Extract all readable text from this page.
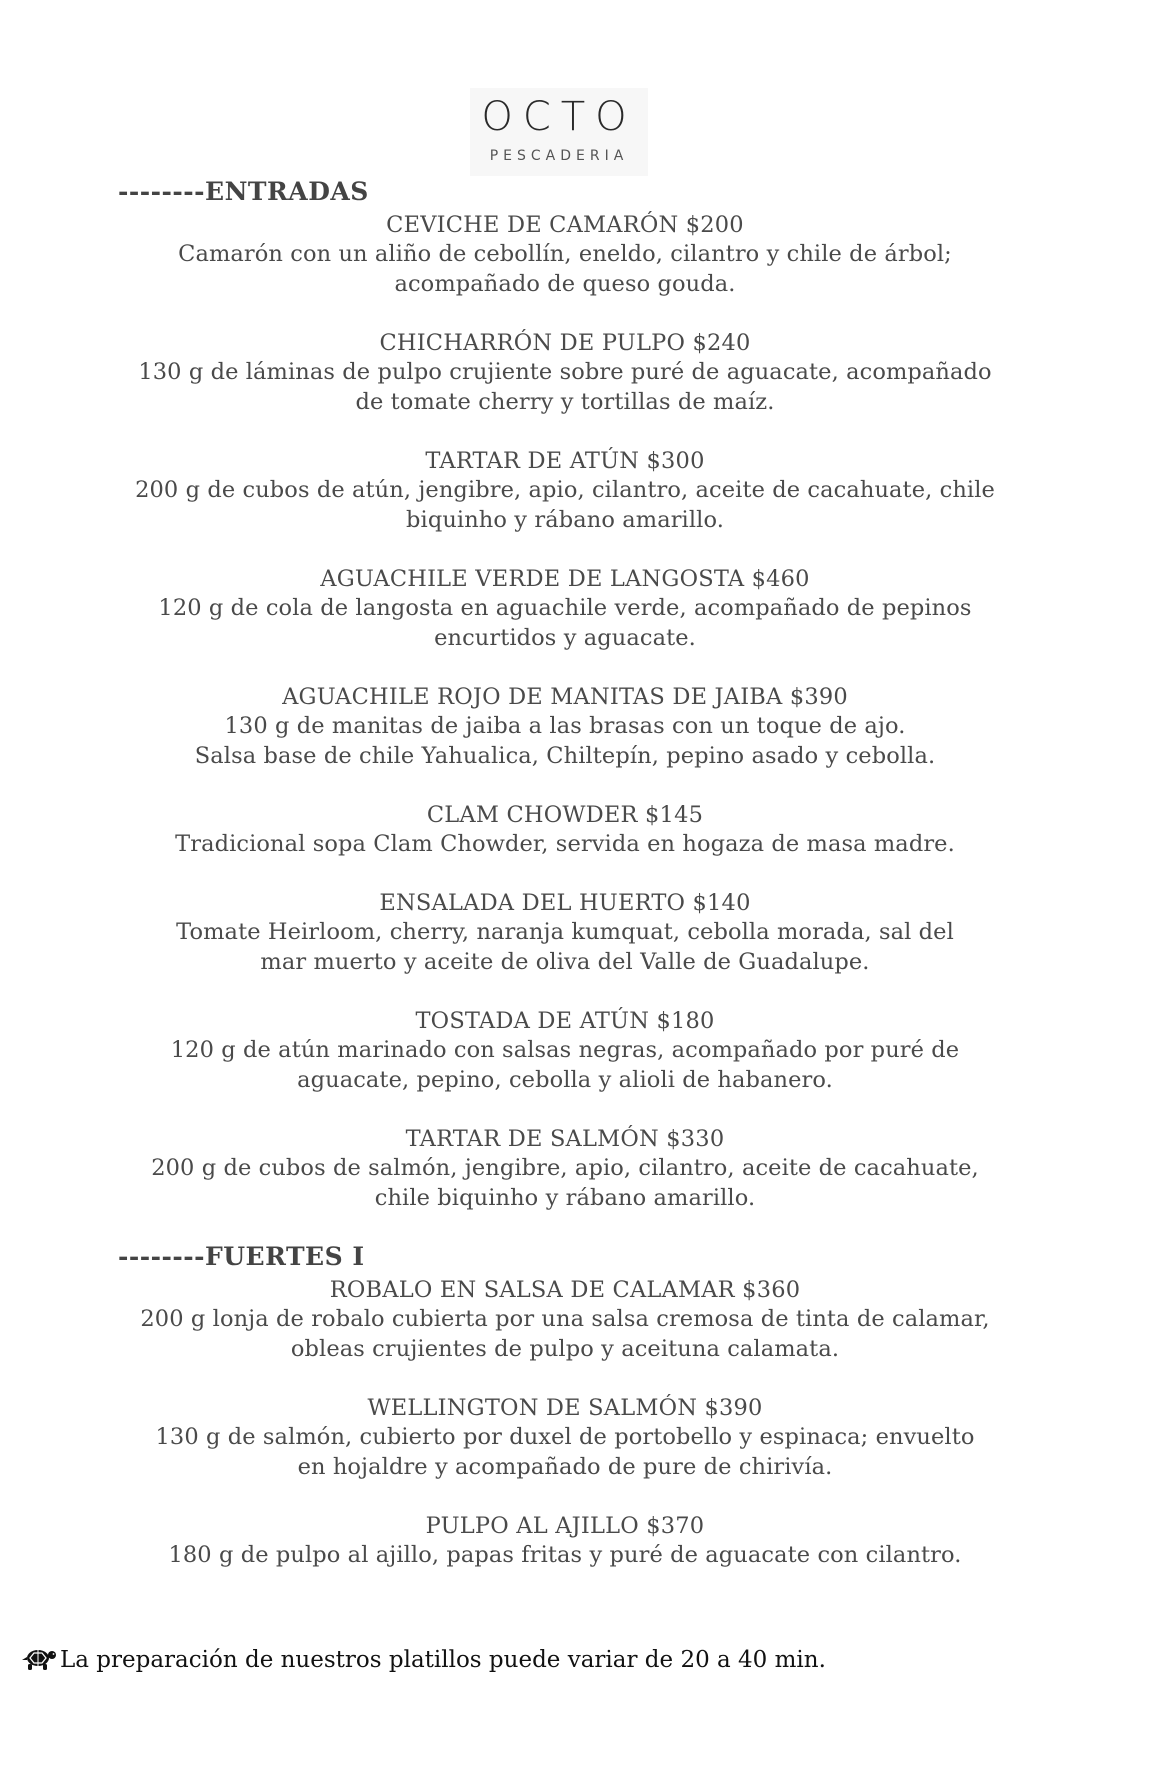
OCTO
PESCADERIA
--------ENTRADAS
CEVICHE DE CAMARÓN $200
Camarón con un aliño de cebollín, eneldo, cilantro y chile de árbol;
acompañado de queso gouda.
CHICHARRÓN DE PULPO $240
130 g de láminas de pulpo crujiente sobre puré de aguacate, acompañado
de tomate cherry y tortillas de maíz.
TARTAR DE ATÚN $300
200 g de cubos de atún, jengibre, apio, cilantro, aceite de cacahuate, chile
biquinho y rábano amarillo.
AGUACHILE VERDE DE LANGOSTA $460
120 g de cola de langosta en aguachile verde, acompañado de pepinos
encurtidos y aguacate.
AGUACHILE ROJO DE MANITAS DE JAIBA $390
130 g de manitas de jaiba a las brasas con un toque de ajo.
Salsa base de chile Yahualica, Chiltepín, pepino asado y cebolla.
CLAM CHOWDER $145
Tradicional sopa Clam Chowder, servida en hogaza de masa madre.
ENSALADA DEL HUERTO $140
Tomate Heirloom, cherry, naranja kumquat, cebolla morada, sal del
mar muerto y aceite de oliva del Valle de Guadalupe.
TOSTADA DE ATÚN $180
120 g de atún marinado con salsas negras, acompañado por puré de
aguacate, pepino, cebolla y alioli de habanero.
TARTAR DE SALMÓN $330
200 g de cubos de salmón, jengibre, apio, cilantro, aceite de cacahuate,
chile biquinho y rábano amarillo.
--------FUERTES I
ROBALO EN SALSA DE CALAMAR $360
200 g lonja de robalo cubierta por una salsa cremosa de tinta de calamar,
obleas crujientes de pulpo y aceituna calamata.
WELLINGTON DE SALMÓN $390
130 g de salmón, cubierto por duxel de portobello y espinaca; envuelto
en hojaldre y acompañado de pure de chirivía.
PULPO AL AJILLO $370
180 g de pulpo al ajillo, papas fritas y puré de aguacate con cilantro.
La preparación de nuestros platillos puede variar de 20 a 40 min.
